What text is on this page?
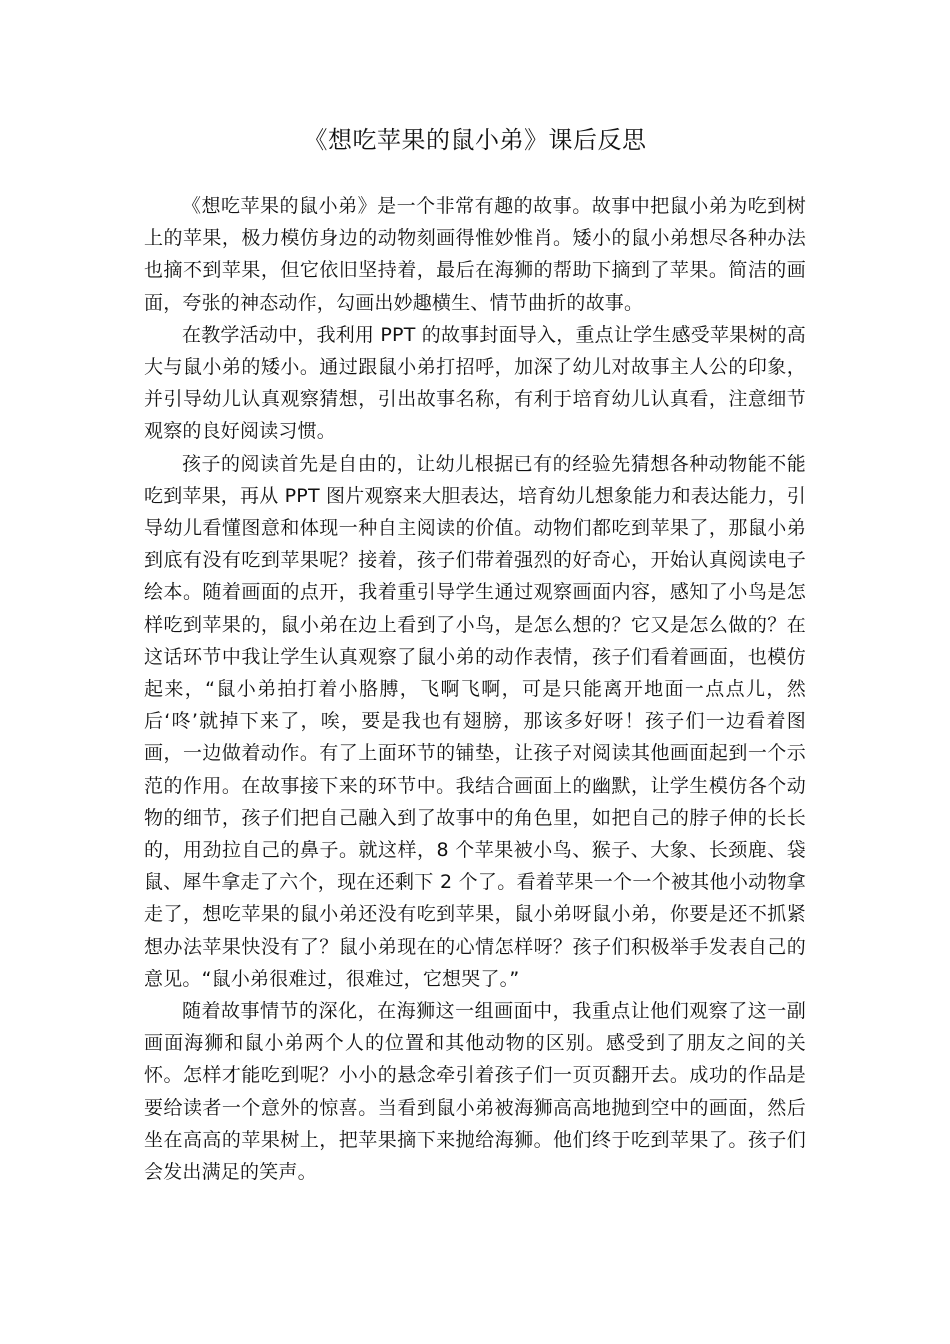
《想吃苹果的鼠小弟》课后反思

《想吃苹果的鼠小弟》是一个非常有趣的故事。故事中把鼠小弟为吃到树上的苹果，极力模仿身边的动物刻画得惟妙惟肖。矮小的鼠小弟想尽各种办法也摘不到苹果，但它依旧坚持着，最后在海狮的帮助下摘到了苹果。简洁的画面，夸张的神态动作，勾画出妙趣横生、情节曲折的故事。

在教学活动中，我利用 PPT 的故事封面导入，重点让学生感受苹果树的高大与鼠小弟的矮小。通过跟鼠小弟打招呼，加深了幼儿对故事主人公的印象，并引导幼儿认真观察猜想，引出故事名称，有利于培育幼儿认真看，注意细节观察的良好阅读习惯。

孩子的阅读首先是自由的，让幼儿根据已有的经验先猜想各种动物能不能吃到苹果，再从 PPT 图片观察来大胆表达，培育幼儿想象能力和表达能力，引导幼儿看懂图意和体现一种自主阅读的价值。动物们都吃到苹果了，那鼠小弟到底有没有吃到苹果呢？接着，孩子们带着强烈的好奇心，开始认真阅读电子绘本。随着画面的点开，我着重引导学生通过观察画面内容，感知了小鸟是怎样吃到苹果的，鼠小弟在边上看到了小鸟，是怎么想的？它又是怎么做的？在这话环节中我让学生认真观察了鼠小弟的动作表情，孩子们看着画面，也模仿起来，“鼠小弟拍打着小胳膊，飞啊飞啊，可是只能离开地面一点点儿，然后‘咚’就掉下来了，唉，要是我也有翅膀，那该多好呀！孩子们一边看着图画，一边做着动作。有了上面环节的铺垫，让孩子对阅读其他画面起到一个示范的作用。在故事接下来的环节中。我结合画面上的幽默，让学生模仿各个动物的细节，孩子们把自己融入到了故事中的角色里，如把自己的脖子伸的长长的，用劲拉自己的鼻子。就这样，8 个苹果被小鸟、猴子、大象、长颈鹿、袋鼠、犀牛拿走了六个，现在还剩下 2 个了。看着苹果一个一个被其他小动物拿走了，想吃苹果的鼠小弟还没有吃到苹果，鼠小弟呀鼠小弟，你要是还不抓紧想办法苹果快没有了？鼠小弟现在的心情怎样呀？孩子们积极举手发表自己的意见。“鼠小弟很难过，很难过，它想哭了。”

随着故事情节的深化，在海狮这一组画面中，我重点让他们观察了这一副画面海狮和鼠小弟两个人的位置和其他动物的区别。感受到了朋友之间的关怀。怎样才能吃到呢？小小的悬念牵引着孩子们一页页翻开去。成功的作品是要给读者一个意外的惊喜。当看到鼠小弟被海狮高高地抛到空中的画面，然后坐在高高的苹果树上，把苹果摘下来抛给海狮。他们终于吃到苹果了。孩子们会发出满足的笑声。
